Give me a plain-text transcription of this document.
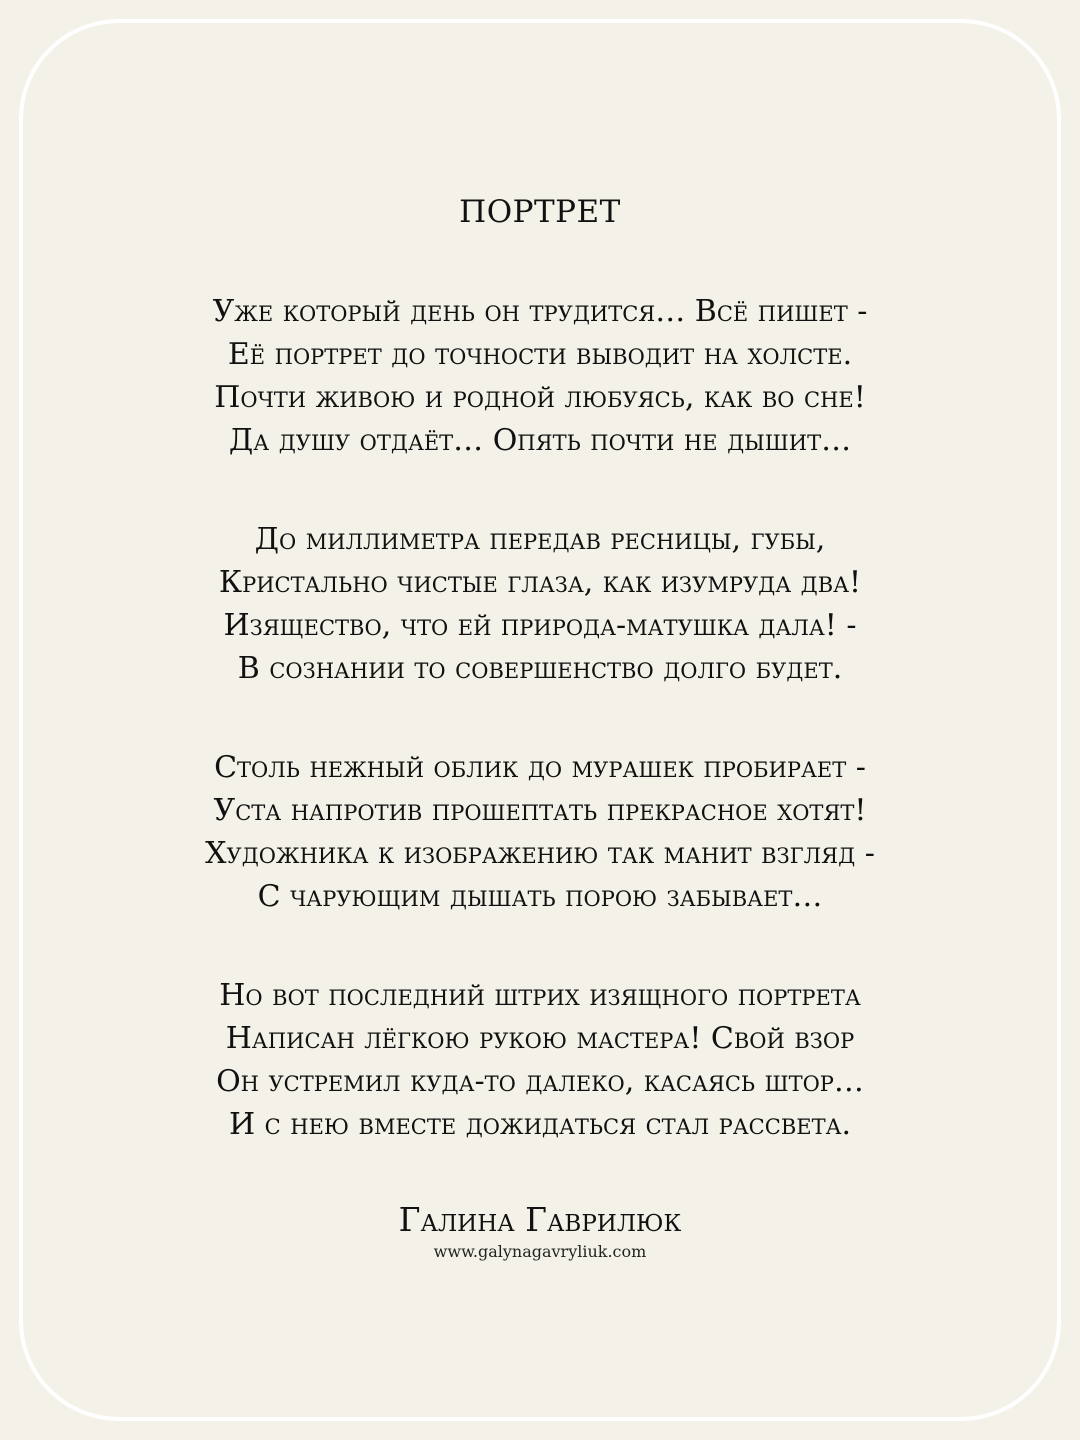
ПОРТРЕТ
Уже который день он трудится… Всё пишет -
Её портрет до точности выводит на холсте.
Почти живою и родной любуясь, как во сне!
Да душу отдаёт… Опять почти не дышит…
До миллиметра передав ресницы, губы,
Кристально чистые глаза, как изумруда два!
Изящество, что ей природа-матушка дала! -
В сознании то совершенство долго будет.
Столь нежный облик до мурашек пробирает -
Уста напротив прошептать прекрасное хотят!
Художника к изображению так манит взгляд -
С чарующим дышать порою забывает…
Но вот последний штрих изящного портрета
Написан лёгкою рукою мастера! Свой взор
Он устремил куда-то далеко, касаясь штор…
И с нею вместе дожидаться стал рассвета.
Галина Гаврилюк
www.galynagavryliuk.com
